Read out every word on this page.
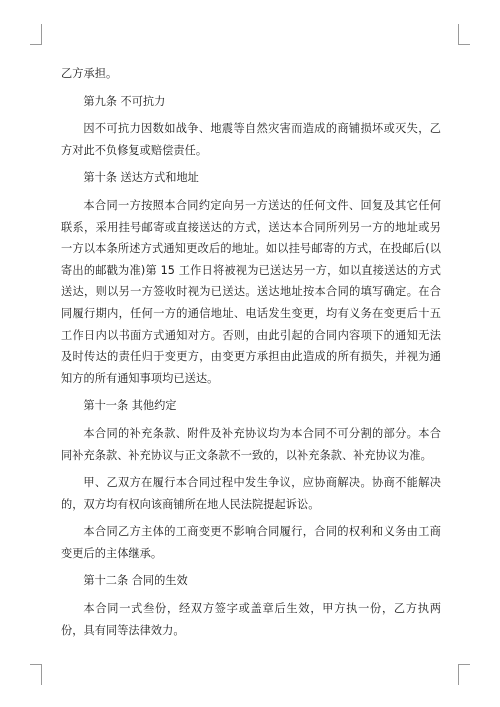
乙方承担。

第九条 不可抗力

因不可抗力因数如战争、地震等自然灾害而造成的商铺损坏或灭失，乙方对此不负修复或赔偿责任。

第十条 送达方式和地址

本合同一方按照本合同约定向另一方送达的任何文件、回复及其它任何联系，采用挂号邮寄或直接送达的方式，送达本合同所列另一方的地址或另一方以本条所述方式通知更改后的地址。如以挂号邮寄的方式，在投邮后(以寄出的邮戳为准)第 15 工作日将被视为已送达另一方，如以直接送达的方式送达，则以另一方签收时视为已送达。送达地址按本合同的填写确定。在合同履行期内，任何一方的通信地址、电话发生变更，均有义务在变更后十五工作日内以书面方式通知对方。否则，由此引起的合同内容项下的通知无法及时传达的责任归于变更方，由变更方承担由此造成的所有损失，并视为通知方的所有通知事项均已送达。

第十一条 其他约定

本合同的补充条款、附件及补充协议均为本合同不可分割的部分。本合同补充条款、补充协议与正文条款不一致的，以补充条款、补充协议为准。

甲、乙双方在履行本合同过程中发生争议，应协商解决。协商不能解决的，双方均有权向该商铺所在地人民法院提起诉讼。

本合同乙方主体的工商变更不影响合同履行，合同的权利和义务由工商变更后的主体继承。

第十二条 合同的生效

本合同一式叁份，经双方签字或盖章后生效，甲方执一份，乙方执两份，具有同等法律效力。
